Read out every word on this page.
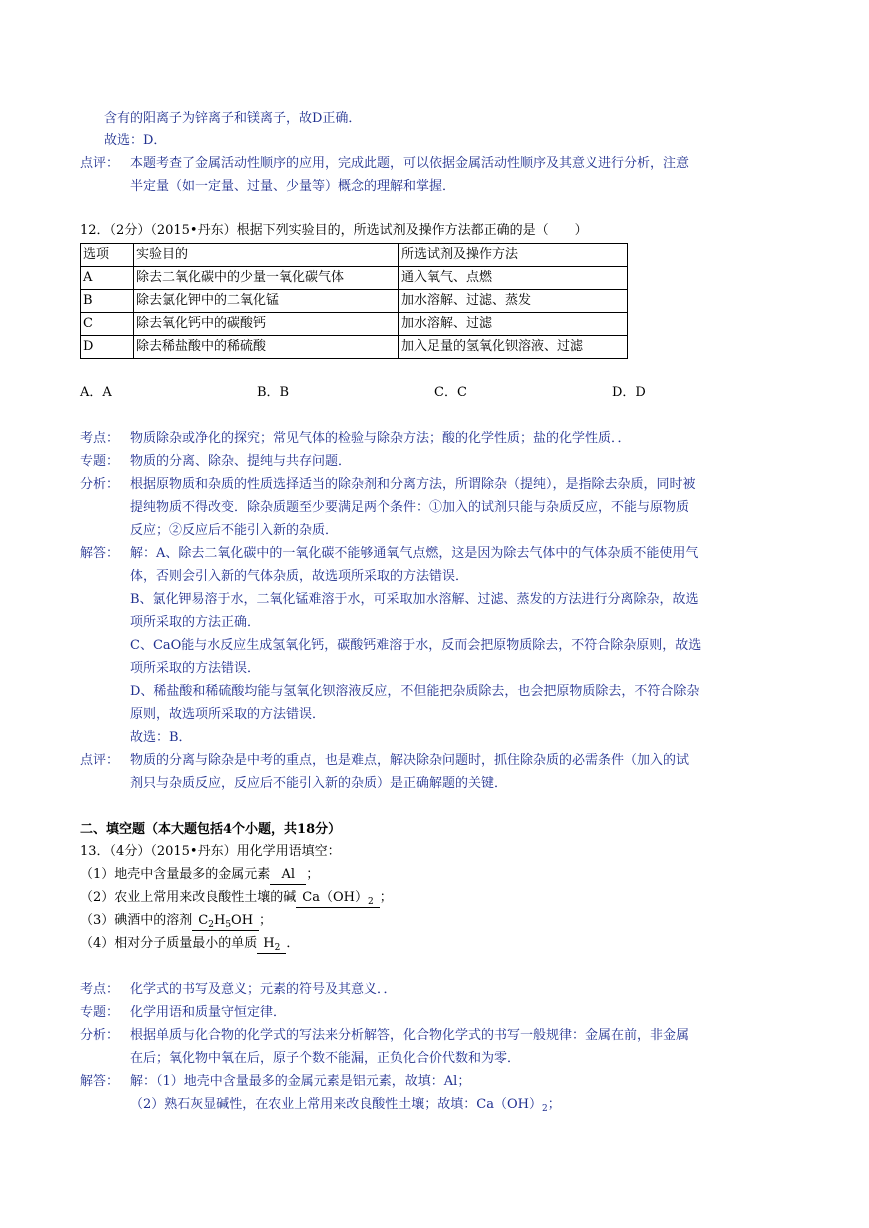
含有的阳离子为锌离子和镁离子，故D正确．
故选：D．
点评： 本题考查了金属活动性顺序的应用，完成此题，可以依据金属活动性顺序及其意义进行分析，注意
半定量（如一定量、过量、少量等）概念的理解和掌握．
12．（2分）（2015•丹东）根据下列实验目的，所选试剂及操作方法都正确的是（　　）
选项	实验目的	所选试剂及操作方法
A	除去二氧化碳中的少量一氧化碳气体	通入氧气、点燃
B	除去氯化钾中的二氧化锰	加水溶解、过滤、蒸发
C	除去氧化钙中的碳酸钙	加水溶解、过滤
D	除去稀盐酸中的稀硫酸	加入足量的氢氧化钡溶液、过滤
A．A	B．B	C．C	D．D
考点： 物质除杂或净化的探究；常见气体的检验与除杂方法；酸的化学性质；盐的化学性质．．
专题： 物质的分离、除杂、提纯与共存问题．
分析： 根据原物质和杂质的性质选择适当的除杂剂和分离方法，所谓除杂（提纯），是指除去杂质，同时被
提纯物质不得改变．除杂质题至少要满足两个条件：①加入的试剂只能与杂质反应，不能与原物质
反应；②反应后不能引入新的杂质．
解答： 解：A、除去二氧化碳中的一氧化碳不能够通氧气点燃，这是因为除去气体中的气体杂质不能使用气
体，否则会引入新的气体杂质，故选项所采取的方法错误．
B、氯化钾易溶于水，二氧化锰难溶于水，可采取加水溶解、过滤、蒸发的方法进行分离除杂，故选
项所采取的方法正确．
C、CaO能与水反应生成氢氧化钙，碳酸钙难溶于水，反而会把原物质除去，不符合除杂原则，故选
项所采取的方法错误．
D、稀盐酸和稀硫酸均能与氢氧化钡溶液反应，不但能把杂质除去，也会把原物质除去，不符合除杂
原则，故选项所采取的方法错误．
故选：B．
点评： 物质的分离与除杂是中考的重点，也是难点，解决除杂问题时，抓住除杂质的必需条件（加入的试
剂只与杂质反应，反应后不能引入新的杂质）是正确解题的关键．
二、填空题（本大题包括4个小题，共18分）
13．（4分）（2015•丹东）用化学用语填空：
（1）地壳中含量最多的金属元素 Al ；
（2）农业上常用来改良酸性土壤的碱 $Ca(OH)_2$ ；
（3）碘酒中的溶剂 $C_2H_5OH$ ；
（4）相对分子质量最小的单质 $H_2$ ．
考点： 化学式的书写及意义；元素的符号及其意义．．
专题： 化学用语和质量守恒定律．
分析： 根据单质与化合物的化学式的写法来分析解答，化合物化学式的书写一般规律：金属在前，非金属
在后；氧化物中氧在后，原子个数不能漏，正负化合价代数和为零．
解答： 解：（1）地壳中含量最多的金属元素是铝元素，故填：Al；
（2）熟石灰显碱性，在农业上常用来改良酸性土壤；故填：$Ca(OH)_2$；
